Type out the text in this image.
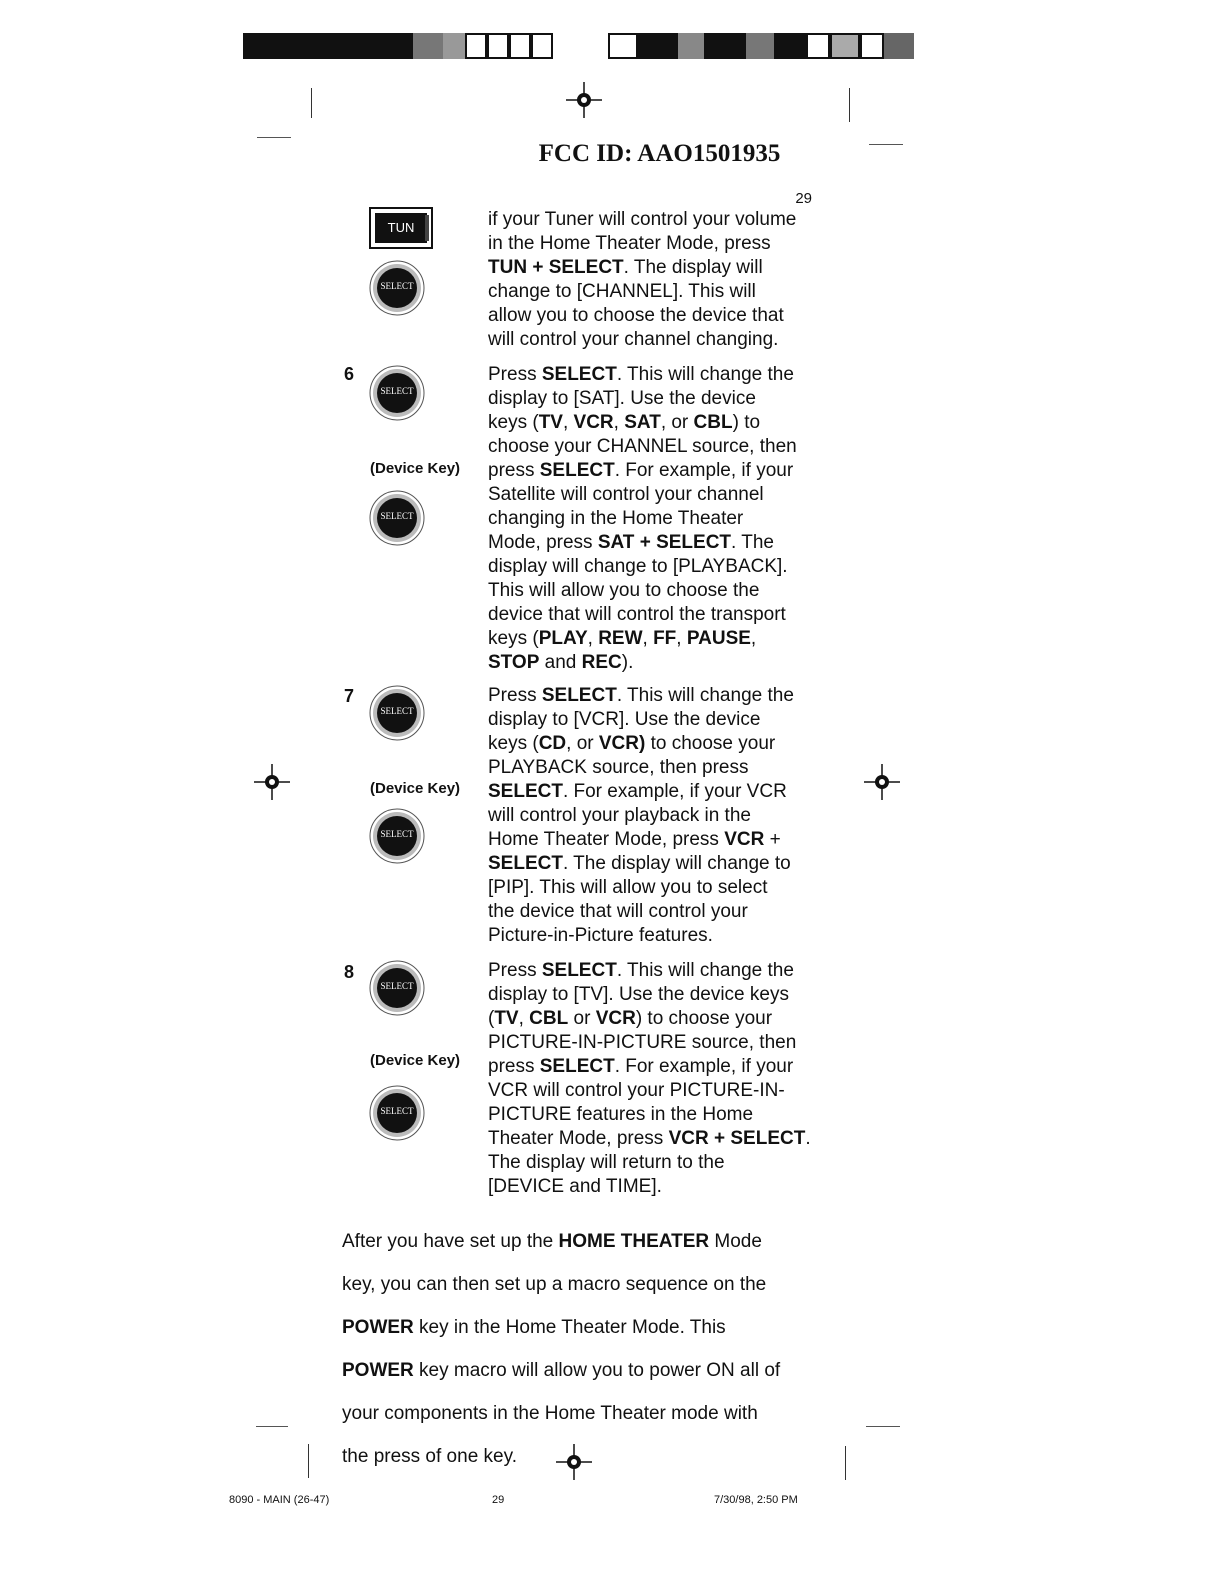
FCC ID: AAO1501935
29
TUN
SELECT
6
SELECT
(Device Key)
SELECT
7
SELECT
(Device Key)
SELECT
8
SELECT
(Device Key)
SELECT

if your Tuner will control your volume

in the Home Theater Mode, press

TUN + SELECT. The display will

change to [CHANNEL]. This will

allow you to choose the device that

will control your channel changing.

Press SELECT. This will change the

display to [SAT]. Use the device

keys (TV, VCR, SAT, or CBL) to

choose your CHANNEL source, then

press SELECT. For example, if your

Satellite will control your channel

changing in the Home Theater

Mode, press SAT + SELECT. The

display will change to [PLAYBACK].

This will allow you to choose the

device that will control the transport

keys (PLAY, REW, FF, PAUSE,

STOP and REC).

Press SELECT. This will change the

display to [VCR]. Use the device

keys (CD, or VCR) to choose your

PLAYBACK source, then press

SELECT. For example, if your VCR

will control your playback in the

Home Theater Mode, press VCR +

SELECT. The display will change to

[PIP]. This will allow you to select

the device that will control your

Picture-in-Picture features.

Press SELECT. This will change the

display to [TV]. Use the device keys

(TV, CBL or VCR) to choose your

PICTURE-IN-PICTURE source, then

press SELECT. For example, if your

VCR will control your PICTURE-IN-

PICTURE features in the Home

Theater Mode, press VCR + SELECT.

The display will return to the

[DEVICE and TIME].

After you have set up the HOME THEATER Mode

key, you can then set up a macro sequence on the

POWER key in the Home Theater Mode. This

POWER key macro will allow you to power ON all of

your components in the Home Theater mode with

the press of one key.

8090 - MAIN (26-47)	29	7/30/98, 2:50 PM
